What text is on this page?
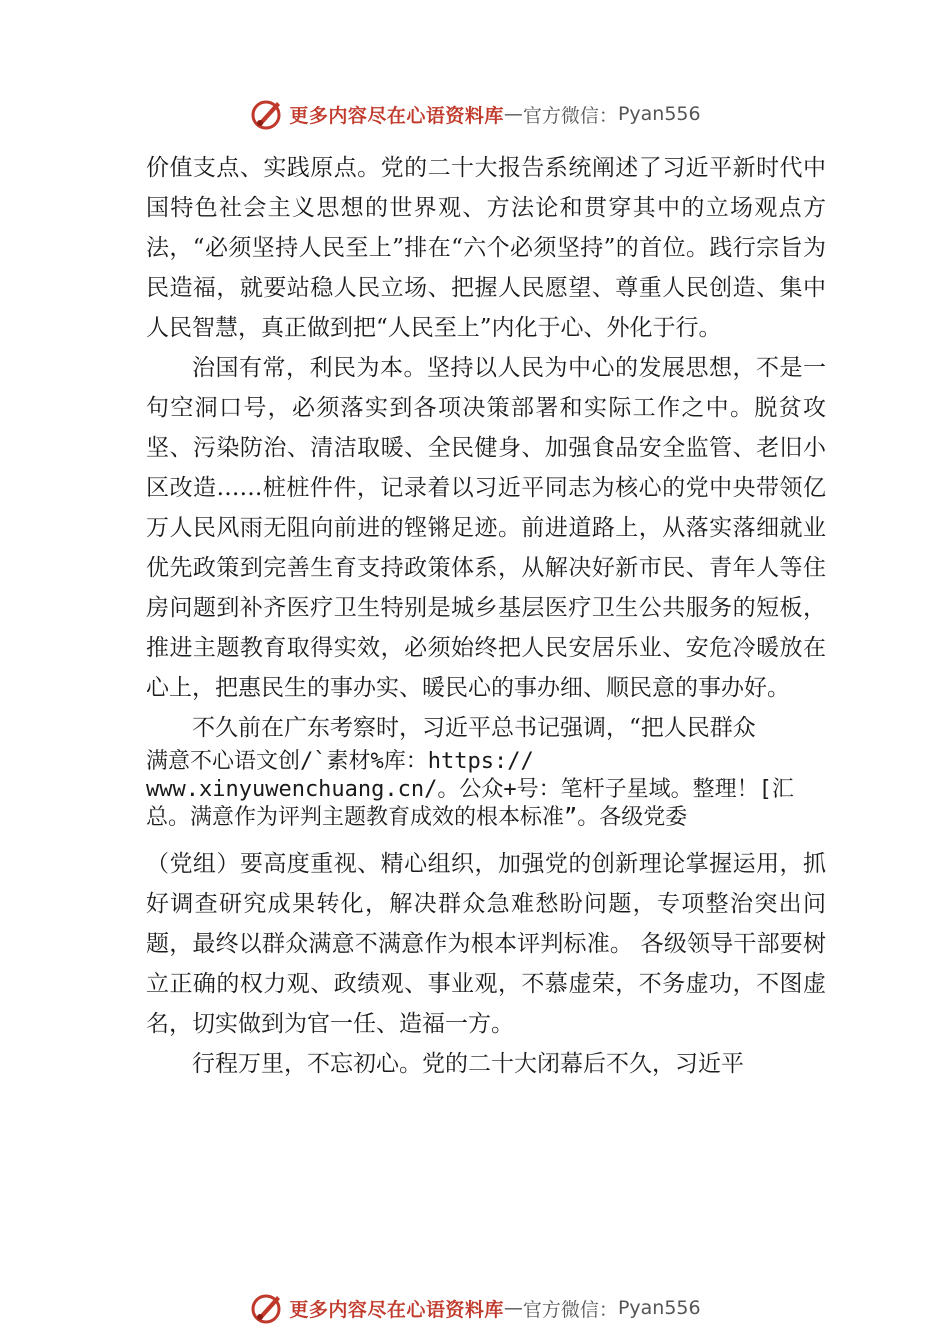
更多内容尽在心语资料库 — 官方微信： Pyan556

价值支点、实践原点。党的二十大报告系统阐述了习近平新时代中国特色社会主义思想的世界观、方法论和贯穿其中的立场观点方法，“必须坚持人民至上”排在“六个必须坚持”的首位。践行宗旨为民造福，就要站稳人民立场、把握人民愿望、尊重人民创造、集中人民智慧，真正做到把“人民至上”内化于心、外化于行。

治国有常，利民为本。坚持以人民为中心的发展思想，不是一句空洞口号，必须落实到各项决策部署和实际工作之中。脱贫攻坚、污染防治、清洁取暖、全民健身、加强食品安全监管、老旧小区改造……桩桩件件，记录着以习近平同志为核心的党中央带领亿万人民风雨无阻向前进的铿锵足迹。前进道路上，从落实落细就业优先政策到完善生育支持政策体系，从解决好新市民、青年人等住房问题到补齐医疗卫生特别是城乡基层医疗卫生公共服务的短板，推进主题教育取得实效，必须始终把人民安居乐业、安危冷暖放在心上，把惠民生的事办实、暖民心的事办细、顺民意的事办好。

不久前在广东考察时，习近平总书记强调，“把人民群众

满意不心语文创/`素材%库：https://
www.xinyuwenchuang.cn/。公众+号：笔杆子星域。整理！[汇
总。满意作为评判主题教育成效的根本标准”。各级党委

（党组）要高度重视、精心组织，加强党的创新理论掌握运用，抓好调查研究成果转化，解决群众急难愁盼问题，专项整治突出问题，最终以群众满意不满意作为根本评判标准。 各级领导干部要树立正确的权力观、政绩观、事业观，不慕虚荣，不务虚功，不图虚名，切实做到为官一任、造福一方。

行程万里，不忘初心。党的二十大闭幕后不久，习近平

更多内容尽在心语资料库 — 官方微信： Pyan556
